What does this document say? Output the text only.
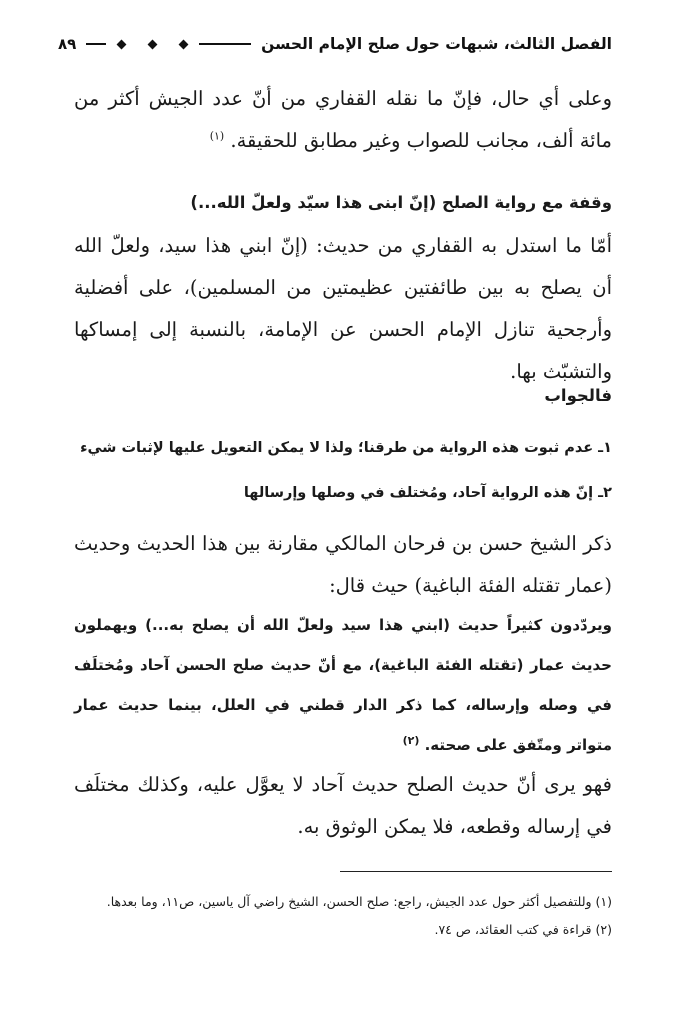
الفصل الثالث، شبهات حول صلح الإمام الحسن
٨٩

وعلى أي حال، فإنّ ما نقله القفاري من أنّ عدد الجيش أكثر من مائة ألف، مجانب للصواب وغير مطابق للحقيقة. $^{(١)}$

وقفة مع رواية الصلح (إنّ ابنى هذا سيّد ولعلّ الله...)

أمّا ما استدل به القفاري من حديث: (إنّ ابني هذا سيد، ولعلّ الله أن يصلح به بين طائفتين عظيمتين من المسلمين)، على أفضلية وأرجحية تنازل الإمام الحسن عن الإمامة، بالنسبة إلى إمساكها والتشبّث بها.

فالجواب

١ـ عدم ثبوت هذه الرواية من طرقنا؛ ولذا لا يمكن التعويل عليها لإثبات شيء

٢ـ إنّ هذه الرواية آحاد، ومُختلف في وصلها وإرسالها

ذكر الشيخ حسن بن فرحان المالكي مقارنة بين هذا الحديث وحديث (عمار تقتله الفئة الباغية) حيث قال:

ويردّدون كثيراً حديث (ابني هذا سيد ولعلّ الله أن يصلح به...) ويهملون حديث عمار (تقتله الفئة الباغية)، مع أنّ حديث صلح الحسن آحاد ومُختلَف في وصله وإرساله، كما ذكر الدار قطني في العلل، بينما حديث عمار متواتر ومتّفق على صحته. $^{(٢)}$

فهو يرى أنّ حديث الصلح حديث آحاد لا يعوَّل عليه، وكذلك مختلَف في إرساله وقطعه، فلا يمكن الوثوق به.

(١) وللتفصيل أكثر حول عدد الجيش، راجع: صلح الحسن، الشيخ راضي آل ياسين، ص١١، وما بعدها.

(٢) قراءة في كتب العقائد، ص ٧٤.
